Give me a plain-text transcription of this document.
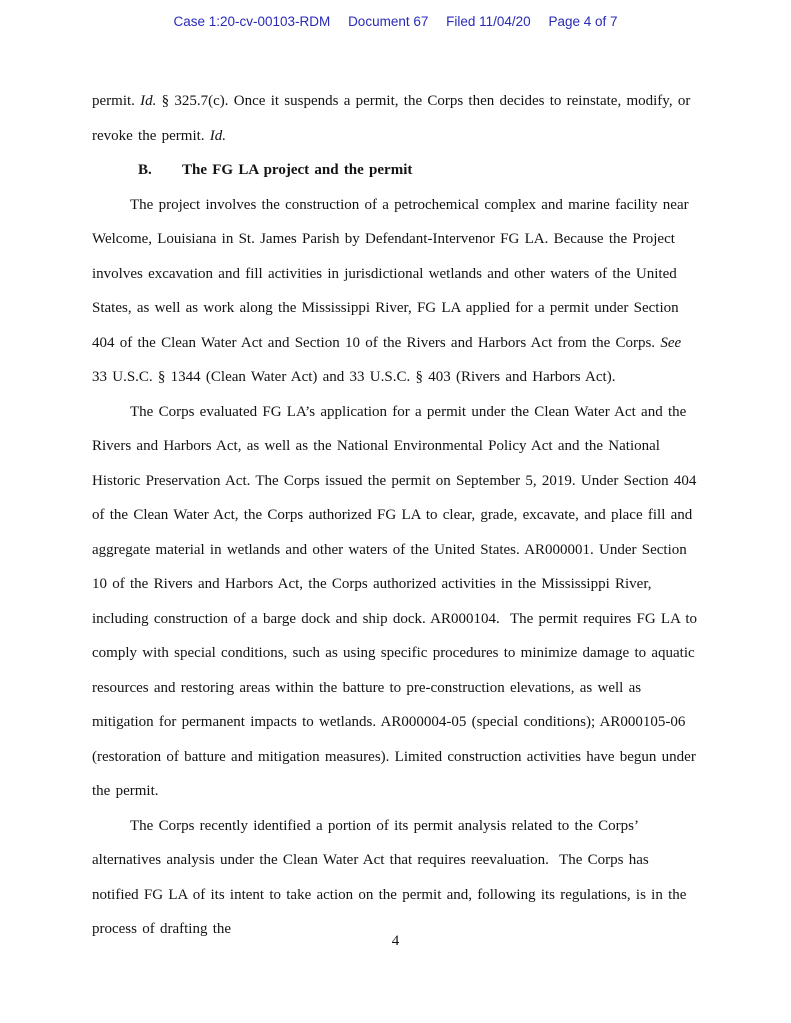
Case 1:20-cv-00103-RDM Document 67 Filed 11/04/20 Page 4 of 7
permit. Id. § 325.7(c). Once it suspends a permit, the Corps then decides to reinstate, modify, or revoke the permit. Id.
B. The FG LA project and the permit
The project involves the construction of a petrochemical complex and marine facility near Welcome, Louisiana in St. James Parish by Defendant-Intervenor FG LA. Because the Project involves excavation and fill activities in jurisdictional wetlands and other waters of the United States, as well as work along the Mississippi River, FG LA applied for a permit under Section 404 of the Clean Water Act and Section 10 of the Rivers and Harbors Act from the Corps. See 33 U.S.C. § 1344 (Clean Water Act) and 33 U.S.C. § 403 (Rivers and Harbors Act).
The Corps evaluated FG LA’s application for a permit under the Clean Water Act and the Rivers and Harbors Act, as well as the National Environmental Policy Act and the National Historic Preservation Act. The Corps issued the permit on September 5, 2019. Under Section 404 of the Clean Water Act, the Corps authorized FG LA to clear, grade, excavate, and place fill and aggregate material in wetlands and other waters of the United States. AR000001. Under Section 10 of the Rivers and Harbors Act, the Corps authorized activities in the Mississippi River, including construction of a barge dock and ship dock. AR000104.  The permit requires FG LA to comply with special conditions, such as using specific procedures to minimize damage to aquatic resources and restoring areas within the batture to pre-construction elevations, as well as mitigation for permanent impacts to wetlands. AR000004-05 (special conditions); AR000105-06 (restoration of batture and mitigation measures). Limited construction activities have begun under the permit.
The Corps recently identified a portion of its permit analysis related to the Corps’ alternatives analysis under the Clean Water Act that requires reevaluation.  The Corps has notified FG LA of its intent to take action on the permit and, following its regulations, is in the process of drafting the
4
